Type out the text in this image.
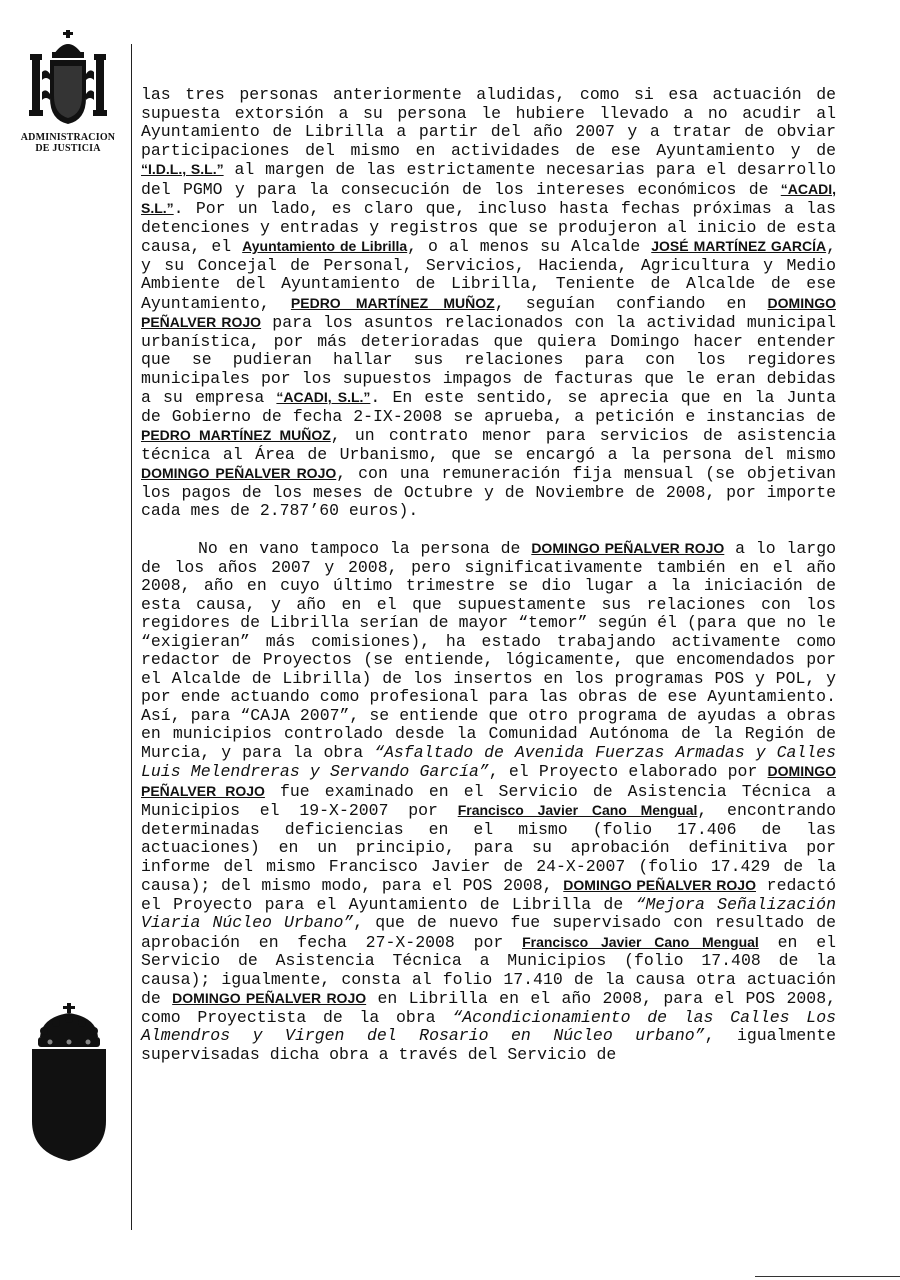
ADMINISTRACION
DE JUSTICIA

las tres personas anteriormente aludidas, como si esa actuación de supuesta extorsión a su persona le hubiere llevado a no acudir al Ayuntamiento de Librilla a partir del año 2007 y a tratar de obviar participaciones del mismo en actividades de ese Ayuntamiento y de “I.D.L., S.L.” al margen de las estrictamente necesarias para el desarrollo del PGMO y para la consecución de los intereses económicos de “ACADI, S.L.”. Por un lado, es claro que, incluso hasta fechas próximas a las detenciones y entradas y registros que se produjeron al inicio de esta causa, el Ayuntamiento de Librilla, o al menos su Alcalde JOSÉ MARTÍNEZ GARCÍA, y su Concejal de Personal, Servicios, Hacienda, Agricultura y Medio Ambiente del Ayuntamiento de Librilla, Teniente de Alcalde de ese Ayuntamiento, PEDRO MARTÍNEZ MUÑOZ, seguían confiando en DOMINGO PEÑALVER ROJO para los asuntos relacionados con la actividad municipal urbanística, por más deterioradas que quiera Domingo hacer entender que se pudieran hallar sus relaciones para con los regidores municipales por los supuestos impagos de facturas que le eran debidas a su empresa “ACADI, S.L.”. En este sentido, se aprecia que en la Junta de Gobierno de fecha 2-IX-2008 se aprueba, a petición e instancias de PEDRO MARTÍNEZ MUÑOZ, un contrato menor para servicios de asistencia técnica al Área de Urbanismo, que se encargó a la persona del mismo DOMINGO PEÑALVER ROJO, con una remuneración fija mensual (se objetivan los pagos de los meses de Octubre y de Noviembre de 2008, por importe cada mes de 2.787’60 euros).

No en vano tampoco la persona de DOMINGO PEÑALVER ROJO a lo largo de los años 2007 y 2008, pero significativamente también en el año 2008, año en cuyo último trimestre se dio lugar a la iniciación de esta causa, y año en el que supuestamente sus relaciones con los regidores de Librilla serían de mayor “temor” según él (para que no le “exigieran” más comisiones), ha estado trabajando activamente como redactor de Proyectos (se entiende, lógicamente, que encomendados por el Alcalde de Librilla) de los insertos en los programas POS y POL, y por ende actuando como profesional para las obras de ese Ayuntamiento. Así, para “CAJA 2007”, se entiende que otro programa de ayudas a obras en municipios controlado desde la Comunidad Autónoma de la Región de Murcia, y para la obra “Asfaltado de Avenida Fuerzas Armadas y Calles Luis Melendreras y Servando García”, el Proyecto elaborado por DOMINGO PEÑALVER ROJO fue examinado en el Servicio de Asistencia Técnica a Municipios el 19-X-2007 por Francisco Javier Cano Mengual, encontrando determinadas deficiencias en el mismo (folio 17.406 de las actuaciones) en un principio, para su aprobación definitiva por informe del mismo Francisco Javier de 24-X-2007 (folio 17.429 de la causa); del mismo modo, para el POS 2008, DOMINGO PEÑALVER ROJO redactó el Proyecto para el Ayuntamiento de Librilla de “Mejora Señalización Viaria Núcleo Urbano”, que de nuevo fue supervisado con resultado de aprobación en fecha 27-X-2008 por Francisco Javier Cano Mengual en el Servicio de Asistencia Técnica a Municipios (folio 17.408 de la causa); igualmente, consta al folio 17.410 de la causa otra actuación de DOMINGO PEÑALVER ROJO en Librilla en el año 2008, para el POS 2008, como Proyectista de la obra “Acondicionamiento de las Calles Los Almendros y Virgen del Rosario en Núcleo urbano”, igualmente supervisadas dicha obra a través del Servicio de
